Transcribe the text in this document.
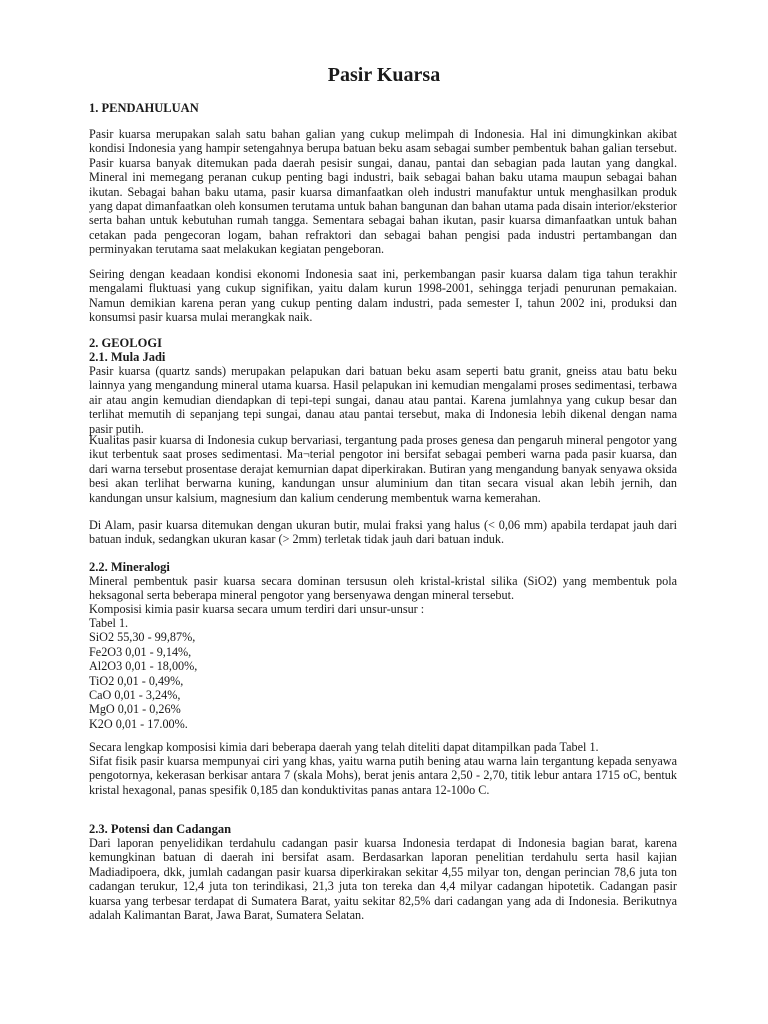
Pasir Kuarsa
1. PENDAHULUAN

Pasir kuarsa merupakan salah satu bahan galian yang cukup melimpah di Indonesia. Hal ini dimungkinkan akibat kondisi Indonesia yang hampir setengahnya berupa batuan beku asam sebagai sumber pembentuk bahan galian tersebut. Pasir kuarsa banyak ditemukan pada daerah pesisir sungai, danau, pantai dan sebagian pada lautan yang dangkal. Mineral ini memegang peranan cukup penting bagi industri, baik sebagai bahan baku utama maupun sebagai bahan ikutan. Sebagai bahan baku utama, pasir kuarsa dimanfaatkan oleh industri manufaktur untuk menghasilkan produk yang dapat dimanfaatkan oleh konsumen terutama untuk bahan bangunan dan bahan utama pada disain interior/eksterior serta bahan untuk kebutuhan rumah tangga. Sementara sebagai bahan ikutan, pasir kuarsa dimanfaatkan untuk bahan cetakan pada pengecoran logam, bahan refraktori dan sebagai bahan pengisi pada industri pertambangan dan perminyakan terutama saat melakukan kegiatan pengeboran.

Seiring dengan keadaan kondisi ekonomi Indonesia saat ini, perkembangan pasir kuarsa dalam tiga tahun terakhir mengalami fluktuasi yang cukup signifikan, yaitu dalam kurun 1998-2001, sehingga terjadi penurunan pemakaian. Namun demikian karena peran yang cukup penting dalam industri, pada semester I, tahun 2002 ini, produksi dan konsumsi pasir kuarsa mulai merangkak naik.

2. GEOLOGI
2.1. Mula Jadi

Pasir kuarsa (quartz sands) merupakan pelapukan dari batuan beku asam seperti batu granit, gneiss atau batu beku lainnya yang mengandung mineral utama kuarsa. Hasil pelapukan ini kemudian mengalami proses sedimentasi, terbawa air atau angin kemudian diendapkan di tepi-tepi sungai, danau atau pantai. Karena jumlahnya yang cukup besar dan terlihat memutih di sepanjang tepi sungai, danau atau pantai tersebut, maka di Indonesia lebih dikenal dengan nama pasir putih.

Kualitas pasir kuarsa di Indonesia cukup bervariasi, tergantung pada proses genesa dan pengaruh mineral pengotor yang ikut terbentuk saat proses sedimentasi. Ma¬terial pengotor ini bersifat sebagai pemberi warna pada pasir kuarsa, dan dari warna tersebut prosentase derajat kemurnian dapat diperkirakan. Butiran yang mengandung banyak senyawa oksida besi akan terlihat berwarna kuning, kandungan unsur aluminium dan titan secara visual akan lebih jernih, dan kandungan unsur kalsium, magnesium dan kalium cenderung membentuk warna kemerahan.

Di Alam, pasir kuarsa ditemukan dengan ukuran butir, mulai fraksi yang halus (< 0,06 mm) apabila terdapat jauh dari batuan induk, sedangkan ukuran kasar (> 2mm) terletak tidak jauh dari batuan induk.

2.2. Mineralogi

Mineral pembentuk pasir kuarsa secara dominan tersusun oleh kristal-kristal silika (SiO2) yang membentuk pola heksagonal serta beberapa mineral pengotor yang bersenyawa dengan mineral tersebut.

Komposisi kimia pasir kuarsa secara umum terdiri dari unsur-unsur :

Tabel 1.
SiO2 55,30 - 99,87%,
Fe2O3 0,01 - 9,14%,
Al2O3 0,01 - 18,00%,
TiO2 0,01 - 0,49%,
CaO 0,01 - 3,24%,
MgO 0,01 - 0,26%
K2O 0,01 - 17.00%.

Secara lengkap komposisi kimia dari beberapa daerah yang telah diteliti dapat ditampilkan pada Tabel 1.

Sifat fisik pasir kuarsa mempunyai ciri yang khas, yaitu warna putih bening atau warna lain tergantung kepada senyawa pengotornya, kekerasan berkisar antara 7 (skala Mohs), berat jenis antara 2,50 - 2,70, titik lebur antara 1715 oC, bentuk kristal hexagonal, panas spesifik 0,185 dan konduktivitas panas antara 12-100o C.

2.3. Potensi dan Cadangan

Dari laporan penyelidikan terdahulu cadangan pasir kuarsa Indonesia terdapat di Indonesia bagian barat, karena kemungkinan batuan di daerah ini bersifat asam. Berdasarkan laporan penelitian terdahulu serta hasil kajian Madiadipoera, dkk, jumlah cadangan pasir kuarsa diperkirakan sekitar 4,55 milyar ton, dengan perincian 78,6 juta ton cadangan terukur, 12,4 juta ton terindikasi, 21,3 juta ton tereka dan 4,4 milyar cadangan hipotetik. Cadangan pasir kuarsa yang terbesar terdapat di Sumatera Barat, yaitu sekitar 82,5% dari cadangan yang ada di Indonesia. Berikutnya adalah Kalimantan Barat, Jawa Barat, Sumatera Selatan.
